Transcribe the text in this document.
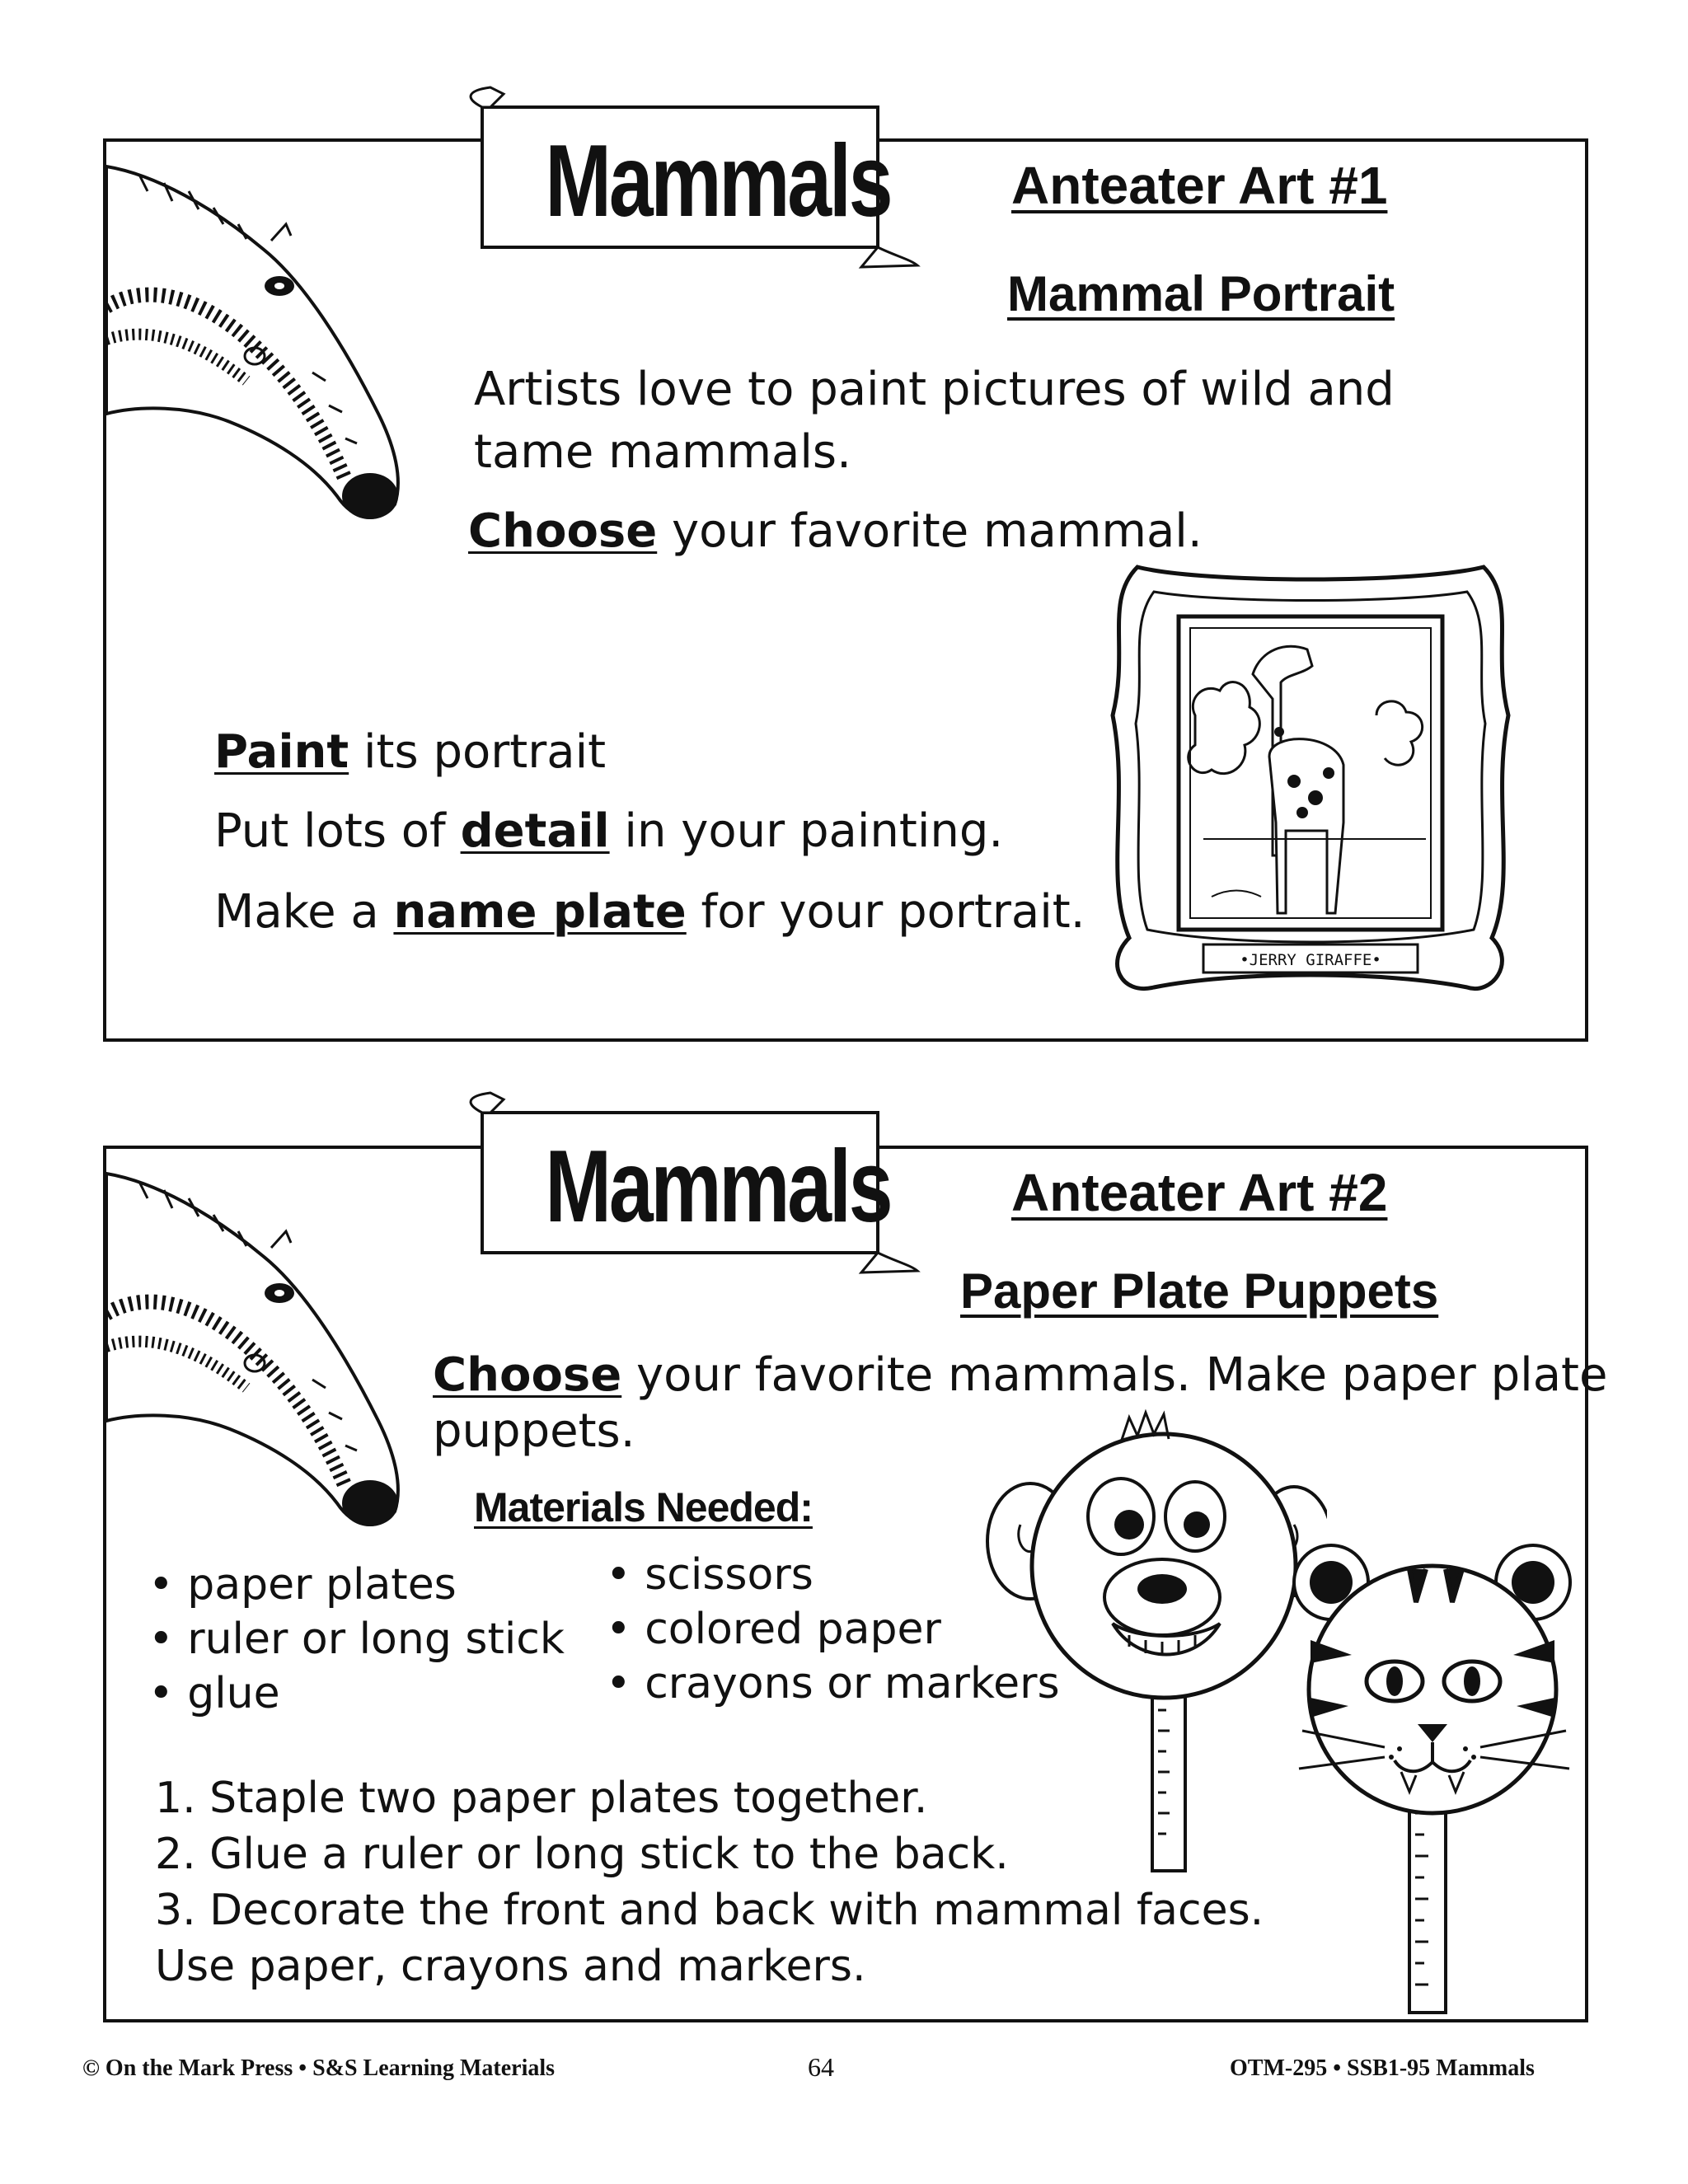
Mammals Anteater Art #1
Mammal Portrait
Artists love to paint pictures of wild and
tame mammals.
Choose your favorite mammal.
Paint its portrait
Put lots of detail in your painting.
Make a name plate for your portrait.
•JERRY GIRAFFE•
Mammals Anteater Art #2
Paper Plate Puppets
Choose your favorite mammals. Make paper plate
puppets.
Materials Needed:
• paper plates
• ruler or long stick
• glue
• scissors
• colored paper
• crayons or markers
1. Staple two paper plates together.
2. Glue a ruler or long stick to the back.
3. Decorate the front and back with mammal faces.
Use paper, crayons and markers.
© On the Mark Press • S&S Learning Materials	64	OTM-295 • SSB1-95 Mammals
